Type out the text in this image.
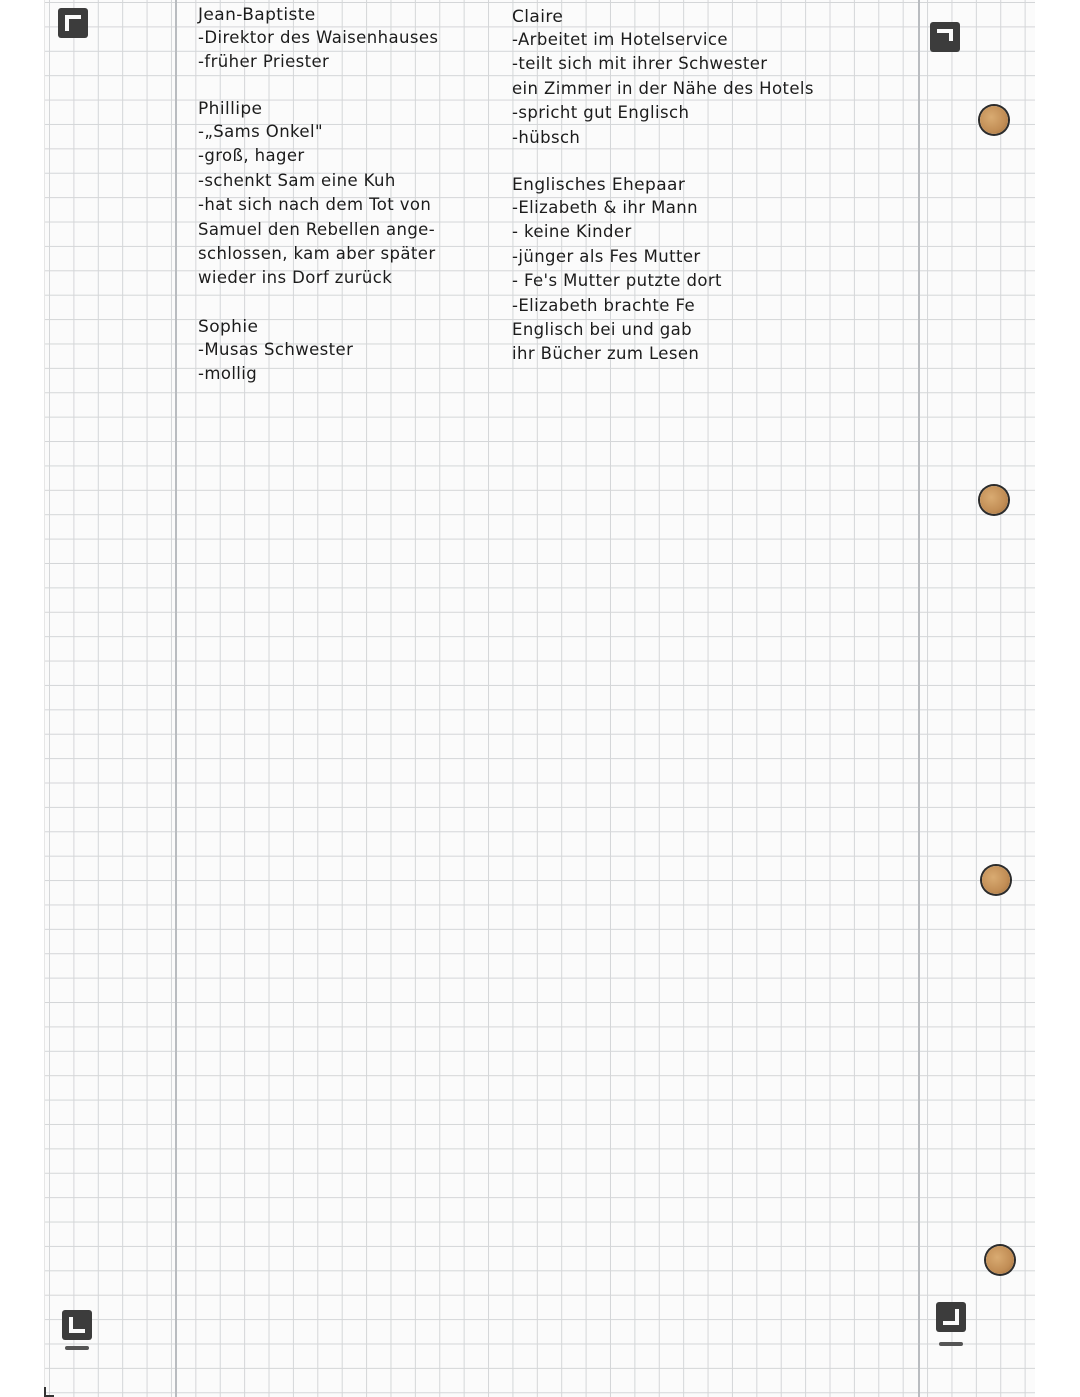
Jean-Baptiste
-Direktor des Waisenhauses
-früher Priester
Phillipe
-„Sams Onkel"
-groß, hager
-schenkt Sam eine Kuh
-hat sich nach dem Tot von
Samuel den Rebellen ange-
schlossen, kam aber später
wieder ins Dorf zurück
Sophie
-Musas Schwester
-mollig
Claire
-Arbeitet im Hotelservice
-teilt sich mit ihrer Schwester
ein Zimmer in der Nähe des Hotels
-spricht gut Englisch
-hübsch
Englisches Ehepaar
-Elizabeth & ihr Mann
- keine Kinder
-jünger als Fes Mutter
- Fe's Mutter putzte dort
-Elizabeth brachte Fe
Englisch bei und gab
ihr Bücher zum Lesen
